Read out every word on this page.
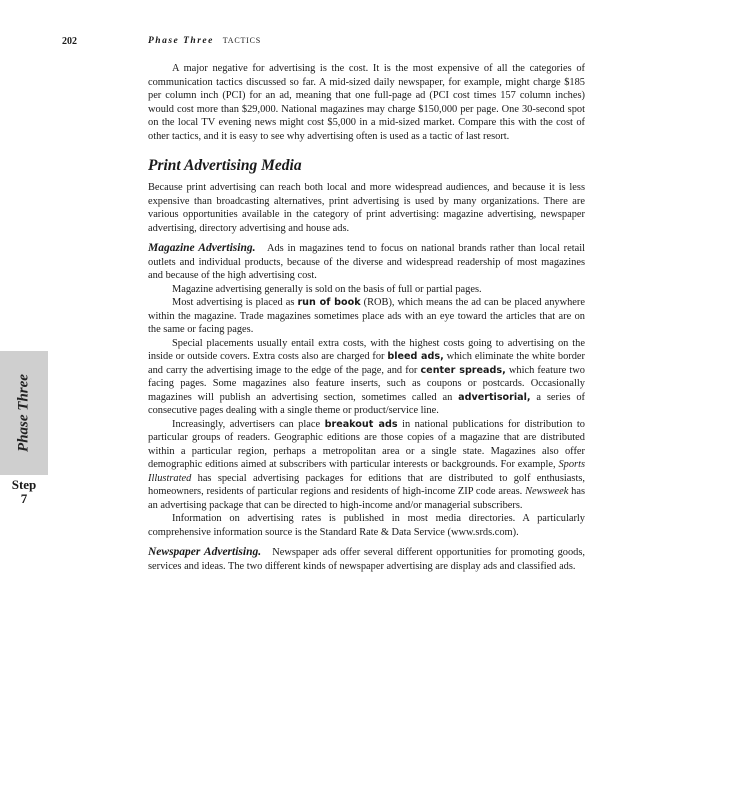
202	Phase Three TACTICS
Phase Three
Step
7

A major negative for advertising is the cost. It is the most expensive of all the categories of communication tactics discussed so far. A mid-sized daily newspaper, for example, might charge $185 per column inch (PCI) for an ad, meaning that one full-page ad (PCI cost times 157 column inches) would cost more than $29,000. National magazines may charge $150,000 per page. One 30-second spot on the local TV evening news might cost $5,000 in a mid-sized market. Compare this with the cost of other tactics, and it is easy to see why advertising often is used as a tactic of last resort.

Print Advertising Media

Because print advertising can reach both local and more widespread audiences, and because it is less expensive than broadcasting alternatives, print advertising is used by many organizations. There are various opportunities available in the category of print advertising: magazine advertising, newspaper advertising, directory advertising and house ads.

Magazine Advertising. Ads in magazines tend to focus on national brands rather than local retail outlets and individual products, because of the diverse and widespread readership of most magazines and because of the high advertising cost.

Magazine advertising generally is sold on the basis of full or partial pages.

Most advertising is placed as run of book (ROB), which means the ad can be placed anywhere within the magazine. Trade magazines sometimes place ads with an eye toward the articles that are on the same or facing pages.

Special placements usually entail extra costs, with the highest costs going to advertising on the inside or outside covers. Extra costs also are charged for bleed ads, which eliminate the white border and carry the advertising image to the edge of the page, and for center spreads, which feature two facing pages. Some magazines also feature inserts, such as coupons or postcards. Occasionally magazines will publish an advertising section, sometimes called an advertisorial, a series of consecutive pages dealing with a single theme or product/service line.

Increasingly, advertisers can place breakout ads in national publications for distribution to particular groups of readers. Geographic editions are those copies of a magazine that are distributed within a particular region, perhaps a metropolitan area or a single state. Magazines also offer demographic editions aimed at subscribers with particular interests or backgrounds. For example, Sports Illustrated has special advertising packages for editions that are distributed to golf enthusiasts, homeowners, residents of particular regions and residents of high-income ZIP code areas. Newsweek has an advertising package that can be directed to high-income and/or managerial subscribers.

Information on advertising rates is published in most media directories. A particularly comprehensive information source is the Standard Rate & Data Service (www.srds.com).

Newspaper Advertising. Newspaper ads offer several different opportunities for promoting goods, services and ideas. The two different kinds of newspaper advertising are display ads and classified ads.
